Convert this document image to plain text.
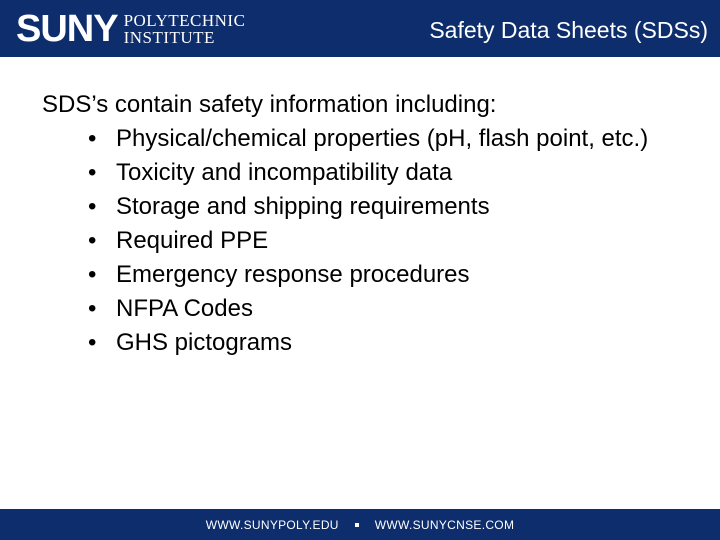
SUNY POLYTECHNIC
INSTITUTE	Safety Data Sheets (SDSs)

SDS’s contain safety information including:

• Physical/chemical properties (pH, flash point, etc.)
• Toxicity and incompatibility data
• Storage and shipping requirements
• Required PPE
• Emergency response procedures
• NFPA Codes
• GHS pictograms
WWW.SUNYPOLY.EDU	WWW.SUNYCNSE.COM
